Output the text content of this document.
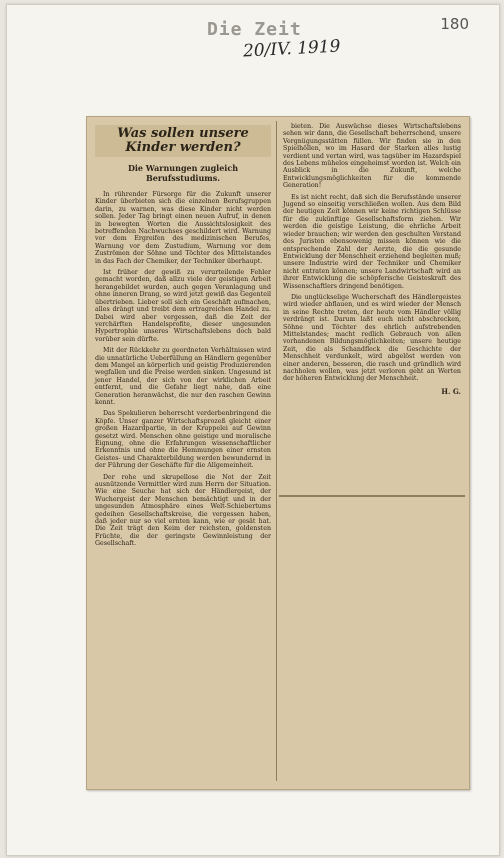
Die Zeit
20/IV. 1919
180
Was sollen unsere Kinder werden?
Die Warnungen zugleich Berufsstudiums.

In rührender Fürsorge für die Zukunft unserer Kinder überbieten sich die einzelnen Berufsgruppen darin, zu warnen, was diese Kinder nicht werden sollen. Jeder Tag bringt einen neuen Aufruf, in denen in bewegten Worten die Aussichtslosigkeit des betreffenden Nachwuchses geschildert wird. Warnung vor dem Ergreifen des medizinischen Berufes, Warnung vor dem Zustudium, Warnung vor dem Zuströmen der Söhne und Töchter des Mittelstandes in das Fach der Chemiker, der Techniker überhaupt.

Ist früher der gewiß zu verurteilende Fehler gemacht worden, daß allzu viele der geistigen Arbeit herangebildet wurden, auch gegen Veranlagung und ohne inneren Drang, so wird jetzt gewiß das Gegenteil übertrieben. Lieber soll sich ein Geschäft aufmachen, alles drängt und treibt dem ertragreichen Handel zu. Dabei wird aber vergessen, daß die Zeit der verchärften Handelsprofite, dieser ungesunden Hypertrophie unseres Wirtschaftslebens doch bald vorüber sein dürfte.

Mit der Rückkehr zu geordneten Verhältnissen wird die unnatürliche Ueberfüllung an Händlern gegenüber dem Mangel an körperlich und geistig Produzierenden wegfallen und die Preise werden sinken. Ungesund ist jener Handel, der sich von der wirklichen Arbeit entfernt, und die Gefahr liegt nahe, daß eine Generation heranwächst, die nur den raschen Gewinn kennt.

Das Spekulieren beherrscht verderbenbringend die Köpfe. Unser ganzer Wirtschaftsprozeß gleicht einer großen Hazardpartie, in der Kruppelei auf Gewinn gesetzt wird. Menschen ohne geistige und moralische Eignung, ohne die Erfahrungen wissenschaftlicher Erkenntnis und ohne die Hemmungen einer ernsten Geistes- und Charakterbildung werden bewundernd in der Führung der Geschäfte für die Allgemeinheit.

Der rohe und skrupellose die Not der Zeit ausnützende Vermittler wird zum Herrn der Situation. Wie eine Seuche hat sich der Händlergeist, der Wuchergeist der Menschen bemächtigt und in der ungesunden Atmosphäre eines Welt-Schiebertums gedeihen Gesellschaftskreise, die vergessen haben, daß jeder nur so viel ernten kann, wie er gesät hat. Die Zeit trägt den Keim der reichsten, goldensten Früchte, die der geringste Gewinnleistung der Gesellschaft.

bieten. Die Auswüchse dieses Wirtschaftslebens sehen wir dann, die Gesellschaft beherrschend, unsere Vergnügungsstätten füllen. Wir finden sie in den Spielhöllen, wo im Hasard der Starken alles lustig verdient und vertan wird, was tagsüber im Hazardspiel des Lebens mühelos eingeheimst worden ist. Welch ein Ausblick in die Zukunft, welche Entwicklungsmöglichkeiten für die kommende Generation!

Es ist nicht recht, daß sich die Berufsstände unserer Jugend so einseitig verschließen wollen. Aus dem Bild der heutigen Zeit können wir keine richtigen Schlüsse für die zukünftige Gesellschaftsform ziehen. Wir werden die geistige Leistung, die ehrliche Arbeit wieder brauchen; wir werden den geschulten Verstand des Juristen ebensowenig missen können wie die entsprechende Zahl der Aerzte, die die gesunde Entwicklung der Menschheit erziehend begleiten muß; unsere Industrie wird der Techniker und Chemiker nicht entraten können; unsere Landwirtschaft wird an ihrer Entwicklung die schöpferische Geisteskraft des Wissenschaftlers dringend benötigen.

Die unglückselige Wucherschaft des Händlergeistes wird wieder abflauen, und es wird wieder der Mensch in seine Rechte treten, der heute vom Händler völlig verdrängt ist. Darum laßt euch nicht abschrecken, Söhne und Töchter des ehrlich aufstrebenden Mittelstandes; macht redlich Gebrauch von allen vorhandenen Bildungsmöglichkeiten; unsere heutige Zeit, die als Schandfleck die Geschichte der Menschheit verdunkelt, wird abgelöst werden von einer anderen, besseren, die rasch und gründlich wird nachholen wollen, was jetzt verloren geht an Werten der höheren Entwicklung der Menschheit.

H. G.
